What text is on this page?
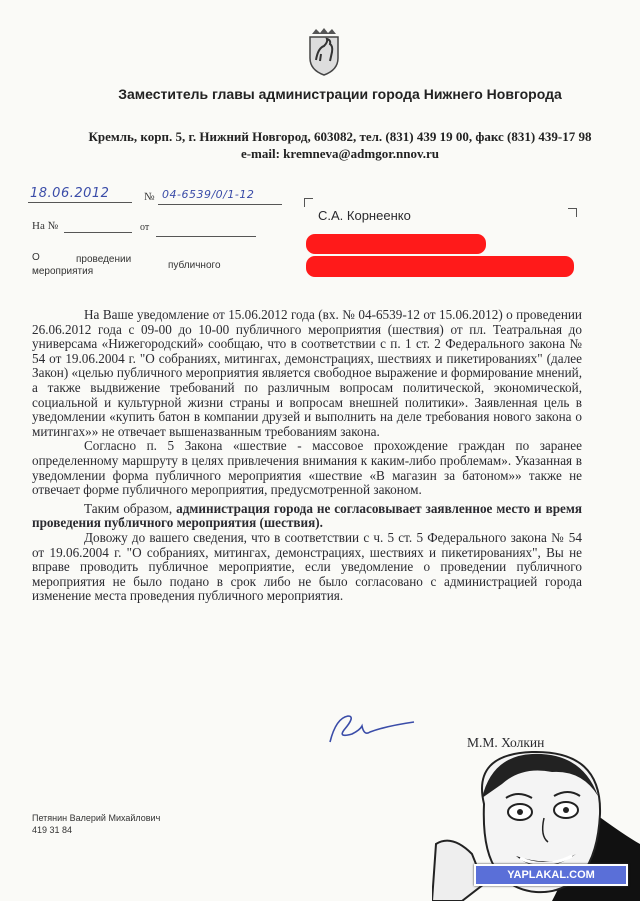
Заместитель главы администрации города Нижнего Новгорода
Кремль, корп. 5, г. Нижний Новгород, 603082, тел. (831) 439 19 00, факс (831) 439-17 98
e-mail: kremneva@admgor.nnov.ru
18.06.2012	№ 04-6539/0/1-12
На №	от
О	проведении
публичного
мероприятия
С.А. Корнеенко

На Ваше уведомление от 15.06.2012 года (вх. № 04-6539-12 от 15.06.2012) о проведении 26.06.2012 года с 09-00 до 10-00 публичного мероприятия (шествия) от пл. Театральная до универсама «Нижегородский» сообщаю, что в соответствии с п. 1 ст. 2 Федерального закона № 54 от 19.06.2004 г. "О собраниях, митингах, демонстрациях, шествиях и пикетированиях" (далее Закон) «целью публичного мероприятия является свободное выражение и формирование мнений, а также выдвижение требований по различным вопросам политической, экономической, социальной и культурной жизни страны и вопросам внешней политики». Заявленная цель в уведомлении «купить батон в компании друзей и выполнить на деле требования нового закона о митингах»» не отвечает вышеназванным требованиям закона.

Согласно п. 5 Закона «шествие - массовое прохождение граждан по заранее определенному маршруту в целях привлечения внимания к каким-либо проблемам». Указанная в уведомлении форма публичного мероприятия «шествие «В магазин за батоном»» также не отвечает форме публичного мероприятия, предусмотренной законом.

Таким образом, администрация города не согласовывает заявленное место и время проведения публичного мероприятия (шествия).

Довожу до вашего сведения, что в соответствии с ч. 5 ст. 5 Федерального закона № 54 от 19.06.2004 г. "О собраниях, митингах, демонстрациях, шествиях и пикетированиях", Вы не вправе проводить публичное мероприятие, если уведомление о проведении публичного мероприятия не было подано в срок либо не было согласовано с администрацией города изменение места проведения публичного мероприятия.

М.М. Холкин
Петянин Валерий Михайлович
419 31 84
YAPLAKAL.COM
